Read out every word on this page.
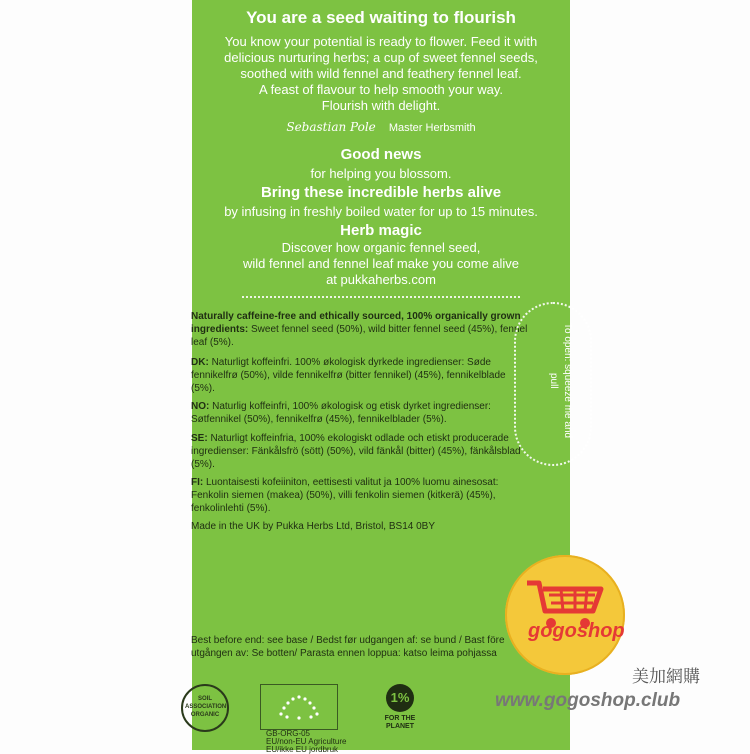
You are a seed waiting to flourish
You know your potential is ready to flower. Feed it with
delicious nurturing herbs; a cup of sweet fennel seeds,
soothed with wild fennel and feathery fennel leaf.
A feast of flavour to help smooth your way.
Flourish with delight.
Sebastian Pole Master Herbsmith
Good news
for helping you blossom.
Bring these incredible herbs alive
by infusing in freshly boiled water for up to 15 minutes.
Herb magic
Discover how organic fennel seed,
wild fennel and fennel leaf make you come alive
at pukkaherbs.com
Naturally caffeine-free and ethically sourced, 100% organically grown ingredients: Sweet fennel seed (50%), wild bitter fennel seed (45%), fennel leaf (5%).
DK: Naturligt koffeinfri. 100% økologisk dyrkede ingredienser: Søde fennikelfrø (50%), vilde fennikelfrø (bitter fennikel) (45%), fennikelblade (5%).
NO: Naturlig koffeinfri, 100% økologisk og etisk dyrket ingredienser: Søtfennikel (50%), fennikelfrø (45%), fennikelblader (5%).
SE: Naturligt koffeinfria, 100% ekologiskt odlade och etiskt producerade ingredienser: Fänkålsfrö (sött) (50%), vild fänkål (bitter) (45%), fänkålsblad (5%).
FI: Luontaisesti kofeiiniton, eettisesti valitut ja 100% luomu ainesosat: Fenkolin siemen (makea) (50%), villi fenkolin siemen (kitkerä) (45%), fenkolinlehti (5%).
Made in the UK by Pukka Herbs Ltd, Bristol, BS14 0BY
To open: squeeze me and pull
Best before end: see base / Bedst før udgangen af: se bund / Bast före utgången av: Se botten/ Parasta ennen loppua: katso leima pohjassa
SOIL ASSOCIATION ORGANIC
GB-ORG-05
EU/non-EU Agriculture
EU/ikke EU jordbruk
1%
FOR THE PLANET
gogoshop
美加網購
www.gogoshop.club
